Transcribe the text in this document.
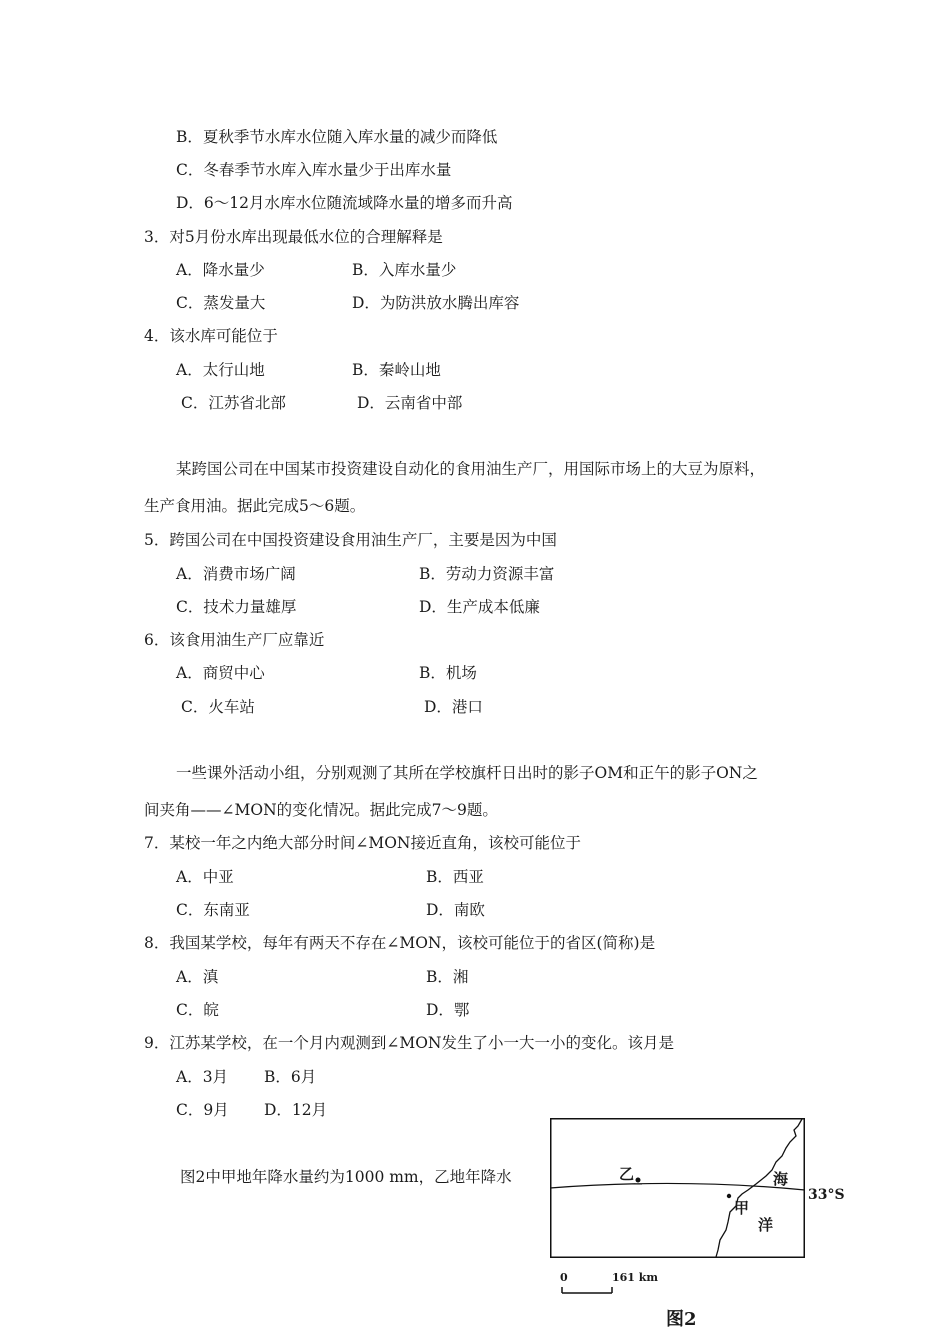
B．夏秋季节水库水位随入库水量的减少而降低
C．冬春季节水库入库水量少于出库水量
D．6～12月水库水位随流域降水量的增多而升高
3．对5月份水库出现最低水位的合理解释是
A．降水量少	B．入库水量少
C．蒸发量大	D．为防洪放水腾出库容
4．该水库可能位于
A．太行山地	B．秦岭山地
C．江苏省北部	D．云南省中部
某跨国公司在中国某市投资建设自动化的食用油生产厂，用国际市场上的大豆为原料，
生产食用油。据此完成5～6题。
5．跨国公司在中国投资建设食用油生产厂，主要是因为中国
A．消费市场广阔	B．劳动力资源丰富
C．技术力量雄厚	D．生产成本低廉
6．该食用油生产厂应靠近
A．商贸中心	B．机场
C．火车站	D．港口
一些课外活动小组，分别观测了其所在学校旗杆日出时的影子OM和正午的影子ON之
间夹角——∠MON的变化情况。据此完成7～9题。
7．某校一年之内绝大部分时间∠MON接近直角，该校可能位于
A．中亚	B．西亚
C．东南亚	D．南欧
8．我国某学校，每年有两天不存在∠MON，该校可能位于的省区(简称)是
A．滇	B．湘
C．皖	D．鄂
9．江苏某学校，在一个月内观测到∠MON发生了小一大一小的变化。该月是
A．3月 B．6月
C．9月 D．12月
图2中甲地年降水量约为1000 mm，乙地年降水	乙
甲
海
洋
33°S
0	161 km
图2
